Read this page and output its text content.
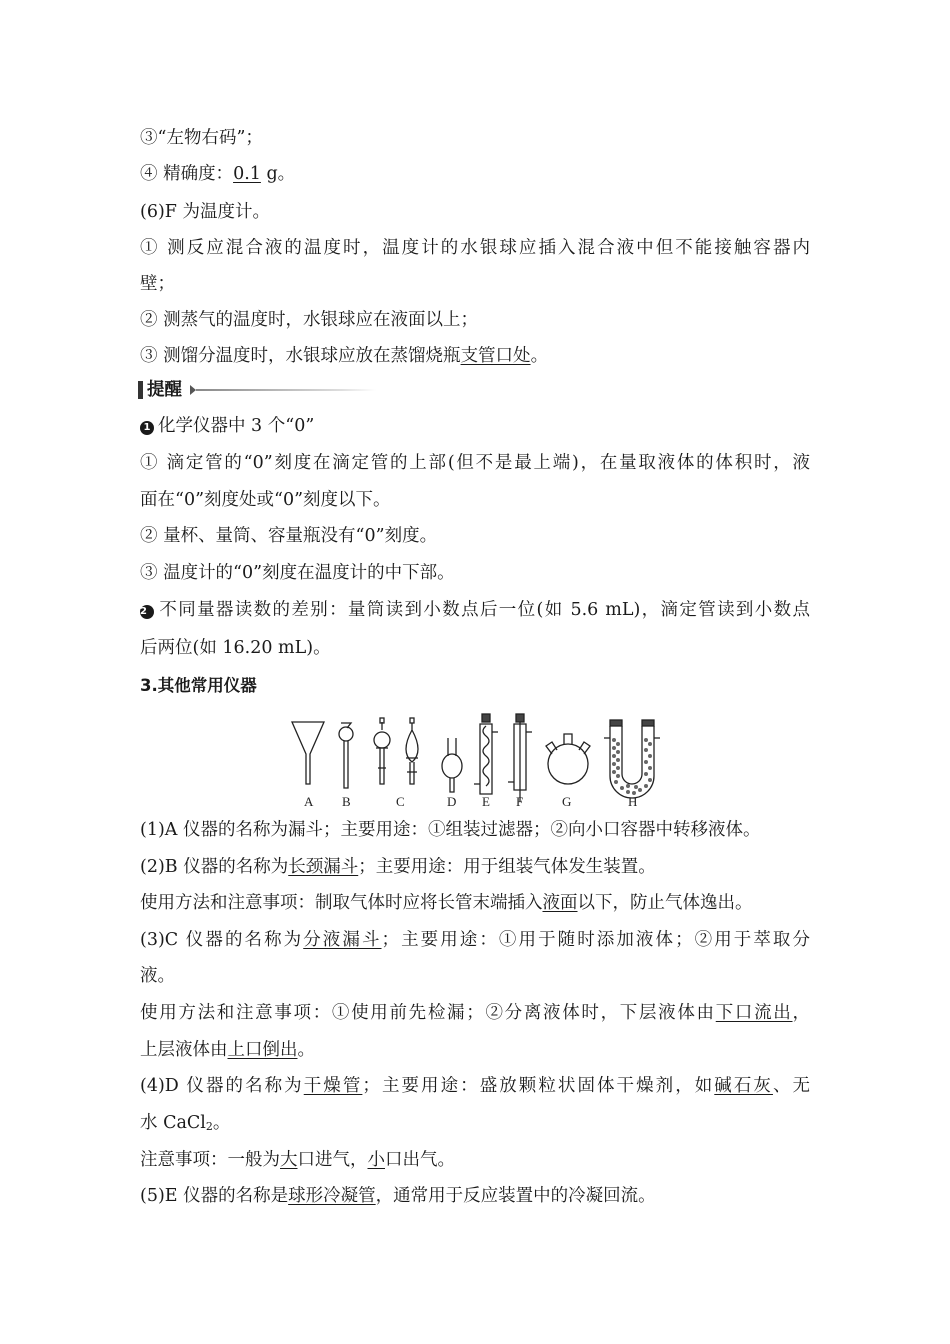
③“左物右码”；
④ 精确度：0.1 g。
(6)F 为温度计。
① 测反应混合液的温度时，温度计的水银球应插入混合液中但不能接触容器内
壁；
② 测蒸气的温度时，水银球应在液面以上；
③ 测馏分温度时，水银球应放在蒸馏烧瓶支管口处。
提醒
1 化学仪器中 3 个“0”
① 滴定管的“0”刻度在滴定管的上部(但不是最上端)，在量取液体的体积时，液
面在“0”刻度处或“0”刻度以下。
② 量杯、量筒、容量瓶没有“0”刻度。
③ 温度计的“0”刻度在温度计的中下部。
2 不同量器读数的差别：量筒读到小数点后一位(如 5.6 mL)，滴定管读到小数点
后两位(如 16.20 mL)。
3.其他常用仪器
A B	C	D E F	G	H
(1)A 仪器的名称为漏斗；主要用途：①组装过滤器；②向小口容器中转移液体。
(2)B 仪器的名称为长颈漏斗；主要用途：用于组装气体发生装置。
使用方法和注意事项：制取气体时应将长管末端插入液面以下，防止气体逸出。
(3)C 仪器的名称为分液漏斗；主要用途：①用于随时添加液体；②用于萃取分
液。
使用方法和注意事项：①使用前先检漏；②分离液体时，下层液体由下口流出，
上层液体由上口倒出。
(4)D 仪器的名称为干燥管；主要用途：盛放颗粒状固体干燥剂，如碱石灰、无
水 CaCl2。
注意事项：一般为大口进气，小口出气。
(5)E 仪器的名称是球形冷凝管，通常用于反应装置中的冷凝回流。
